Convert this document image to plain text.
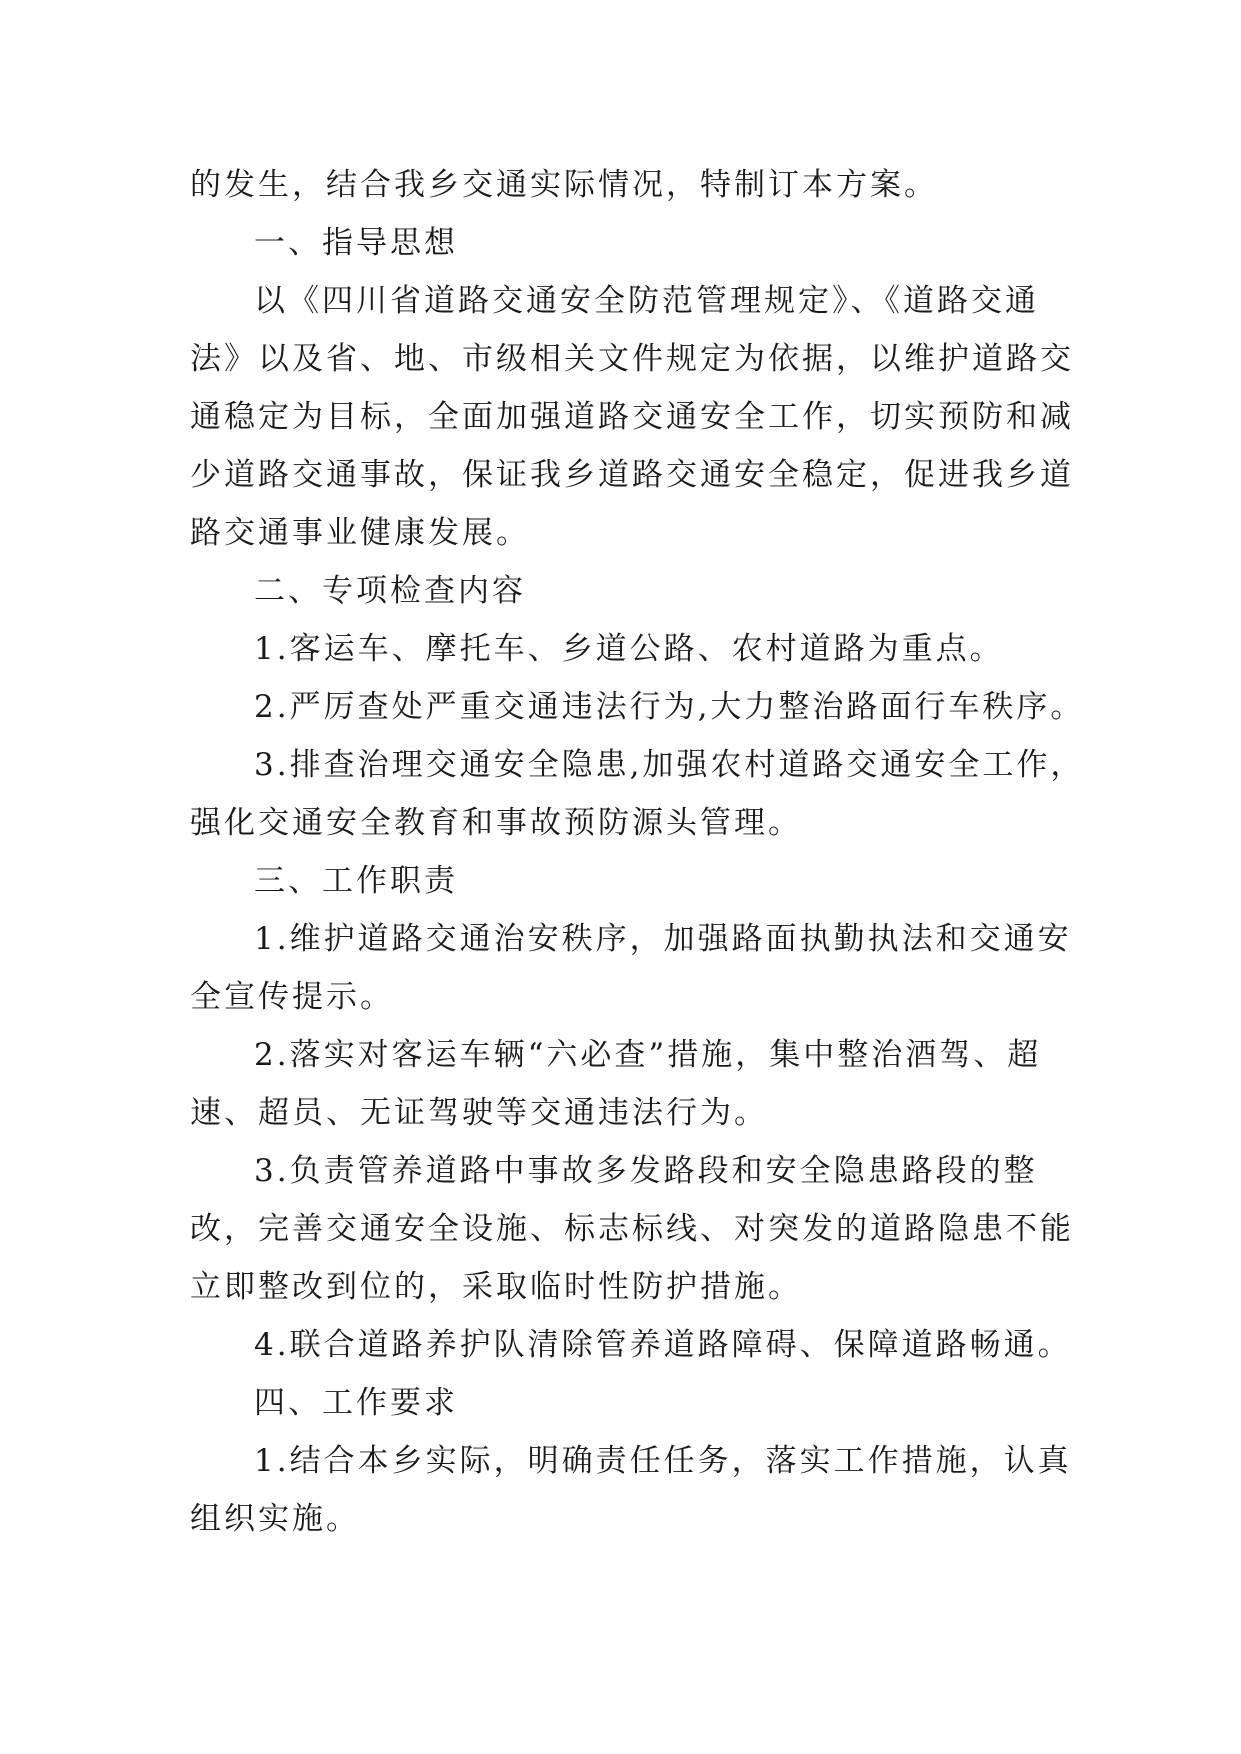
的发生，结合我乡交通实际情况，特制订本方案。

一、指导思想

以《四川省道路交通安全防范管理规定》、《道路交通法》以及省、地、市级相关文件规定为依据，以维护道路交通稳定为目标，全面加强道路交通安全工作，切实预防和减少道路交通事故，保证我乡道路交通安全稳定，促进我乡道路交通事业健康发展。

二、专项检查内容

1.客运车、摩托车、乡道公路、农村道路为重点。

2.严厉查处严重交通违法行为,大力整治路面行车秩序。

3.排查治理交通安全隐患,加强农村道路交通安全工作，强化交通安全教育和事故预防源头管理。

三、工作职责

1.维护道路交通治安秩序，加强路面执勤执法和交通安全宣传提示。

2.落实对客运车辆“六必查”措施，集中整治酒驾、超速、超员、无证驾驶等交通违法行为。

3.负责管养道路中事故多发路段和安全隐患路段的整改，完善交通安全设施、标志标线、对突发的道路隐患不能立即整改到位的，采取临时性防护措施。

4.联合道路养护队清除管养道路障碍、保障道路畅通。

四、工作要求

1.结合本乡实际，明确责任任务，落实工作措施，认真组织实施。
